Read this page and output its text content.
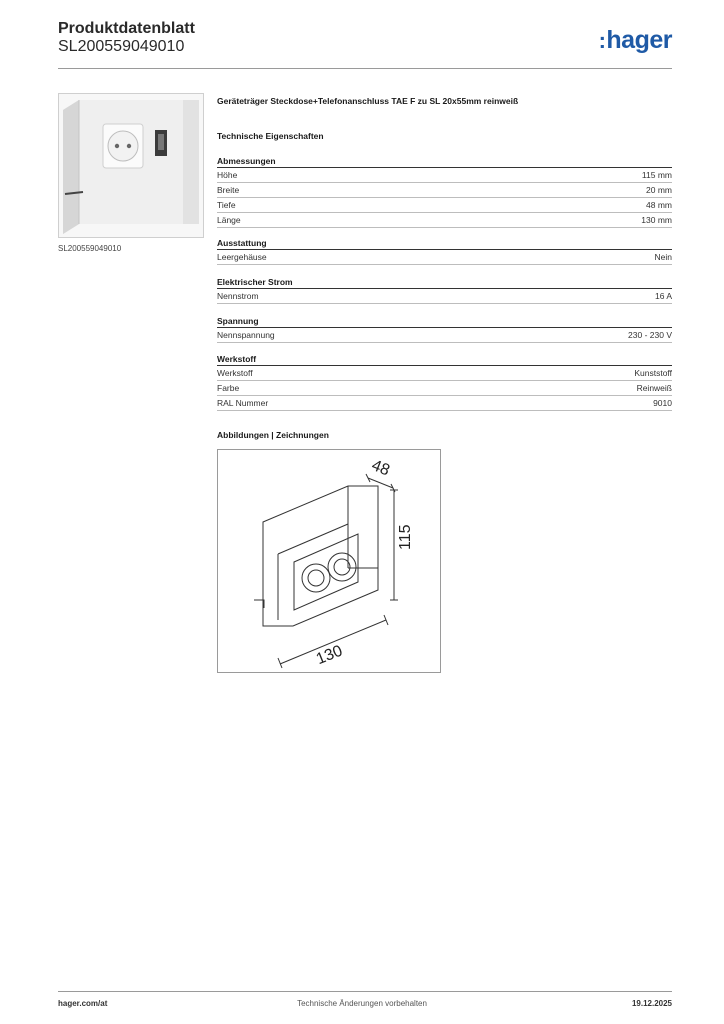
Produktdatenblatt
SL200559049010	:hager
SL200559049010
Geräteträger Steckdose+Telefonanschluss TAE F zu SL 20x55mm reinweiß
Technische Eigenschaften
Abmessungen
Höhe	115 mm
Breite	20 mm
Tiefe	48 mm
Länge	130 mm
Ausstattung
Leergehäuse	Nein
Elektrischer Strom
Nennstrom	16 A
Spannung
Nennspannung	230 - 230 V
Werkstoff
Werkstoff	Kunststoff
Farbe	Reinweiß
RAL Nummer	9010
Abbildungen | Zeichnungen
48
115
130
hager.com/at	Technische Änderungen vorbehalten	19.12.2025
